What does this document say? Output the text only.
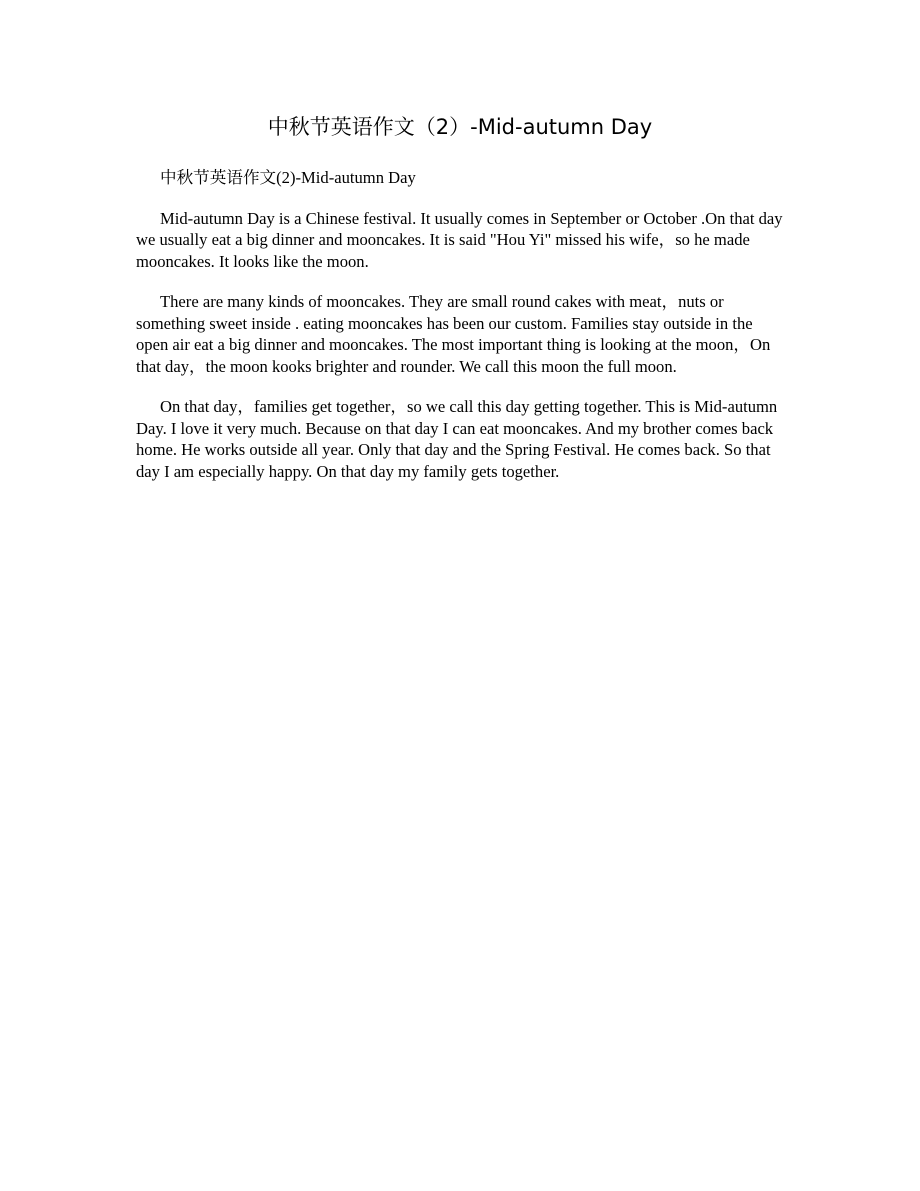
中秋节英语作文（2）-Mid-autumn Day

中秋节英语作文(2)-Mid-autumn Day

Mid-autumn Day is a Chinese festival. It usually comes in September or October .On that day we usually eat a big dinner and mooncakes. It is said "Hou Yi" missed his wife，so he made mooncakes. It looks like the moon.

There are many kinds of mooncakes. They are small round cakes with meat，nuts or something sweet inside . eating mooncakes has been our custom. Families stay outside in the open air eat a big dinner and mooncakes. The most important thing is looking at the moon，On that day，the moon kooks brighter and rounder. We call this moon the full moon.

On that day，families get together，so we call this day getting together. This is Mid-autumn Day. I love it very much. Because on that day I can eat mooncakes. And my brother comes back home. He works outside all year. Only that day and the Spring Festival. He comes back. So that day I am especially happy. On that day my family gets together.
